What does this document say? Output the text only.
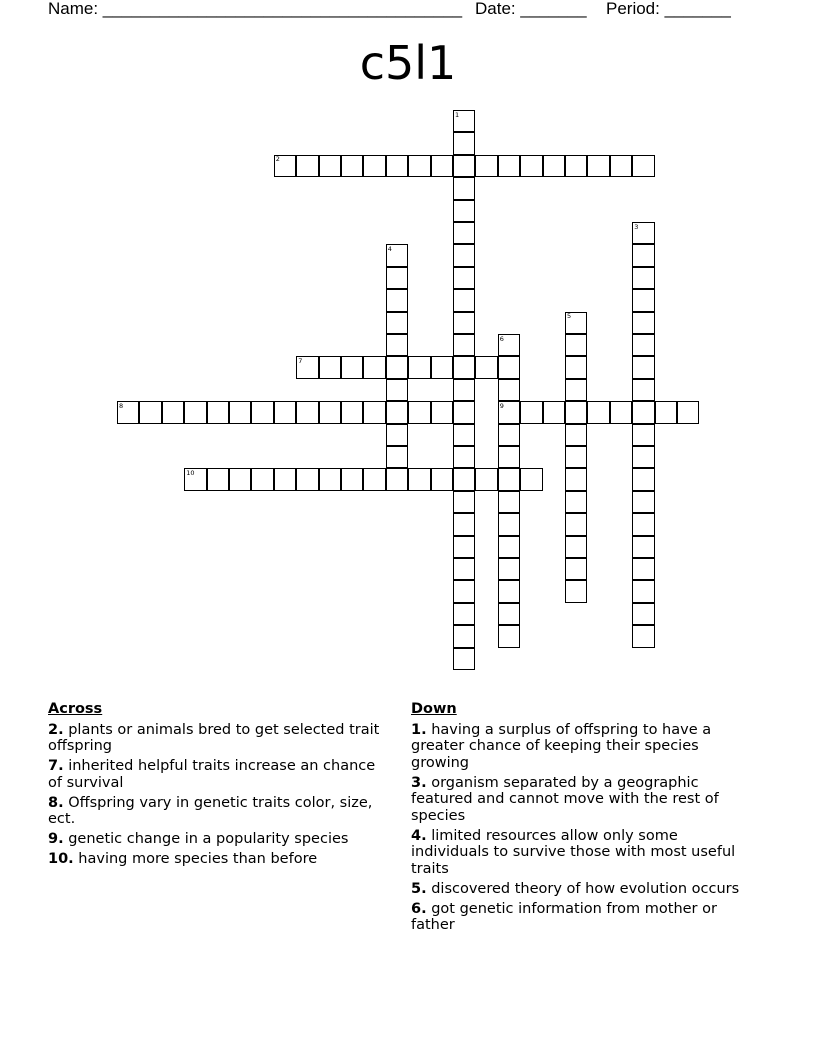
Name: ______________________________________ Date: _______ Period: _______
c5l1
1
2
3
4
5
6
7
8	9
10
Across
2. plants or animals bred to get selected trait offspring
7. inherited helpful traits increase an chance of survival
8. Offspring vary in genetic traits color, size, ect.
9. genetic change in a popularity species
10. having more species than before
Down
1. having a surplus of offspring to have a greater chance of keeping their species growing
3. organism separated by a geographic featured and cannot move with the rest of species
4. limited resources allow only some individuals to survive those with most useful traits
5. discovered theory of how evolution occurs
6. got genetic information from mother or father
